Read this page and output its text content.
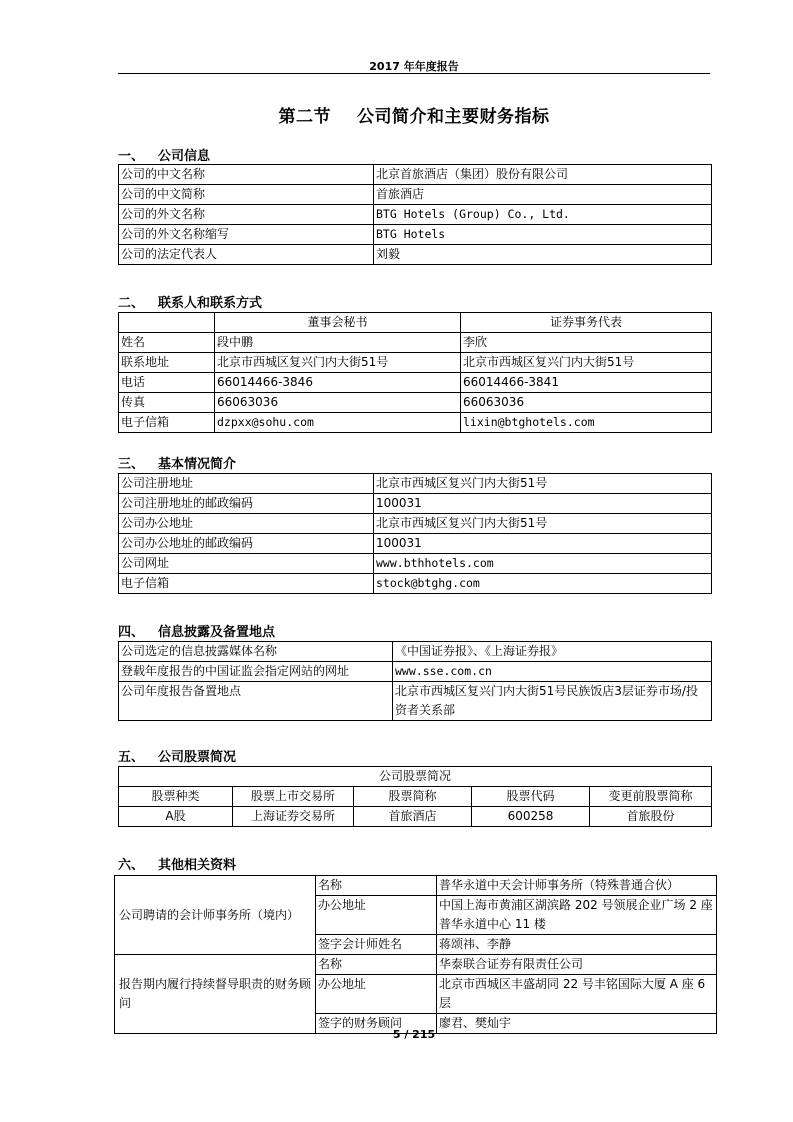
2017 年年度报告
第二节 公司简介和主要财务指标
一、 公司信息
公司的中文名称	北京首旅酒店（集团）股份有限公司
公司的中文简称	首旅酒店
公司的外文名称	BTG Hotels (Group) Co., Ltd.
公司的外文名称缩写	BTG Hotels
公司的法定代表人	刘毅
二、 联系人和联系方式
	董事会秘书	证券事务代表
姓名	段中鹏	李欣
联系地址	北京市西城区复兴门内大街51号	北京市西城区复兴门内大街51号
电话	66014466-3846	66014466-3841
传真	66063036	66063036
电子信箱	dzpxx@sohu.com	lixin@btghotels.com
三、 基本情况简介
公司注册地址	北京市西城区复兴门内大街51号
公司注册地址的邮政编码	100031
公司办公地址	北京市西城区复兴门内大街51号
公司办公地址的邮政编码	100031
公司网址	www.bthhotels.com
电子信箱	stock@btghg.com
四、 信息披露及备置地点
公司选定的信息披露媒体名称	《中国证券报》、《上海证券报》
登载年度报告的中国证监会指定网站的网址	www.sse.com.cn
公司年度报告备置地点	北京市西城区复兴门内大街51号民族饭店3层证券市场/投资者关系部
五、 公司股票简况
公司股票简况				
股票种类	股票上市交易所	股票简称	股票代码	变更前股票简称
A股	上海证券交易所	首旅酒店	600258	首旅股份
六、 其他相关资料
公司聘请的会计师事务所（境内）	名称	普华永道中天会计师事务所（特殊普通合伙）
	办公地址	中国上海市黄浦区湖滨路 202 号领展企业广场 2 座普华永道中心 11 楼
	签字会计师姓名	蒋颂祎、李静
报告期内履行持续督导职责的财务顾问	名称	华泰联合证券有限责任公司
	办公地址	北京市西城区丰盛胡同 22 号丰铭国际大厦 A 座 6 层
	签字的财务顾问	廖君、樊灿宇
5 / 215
